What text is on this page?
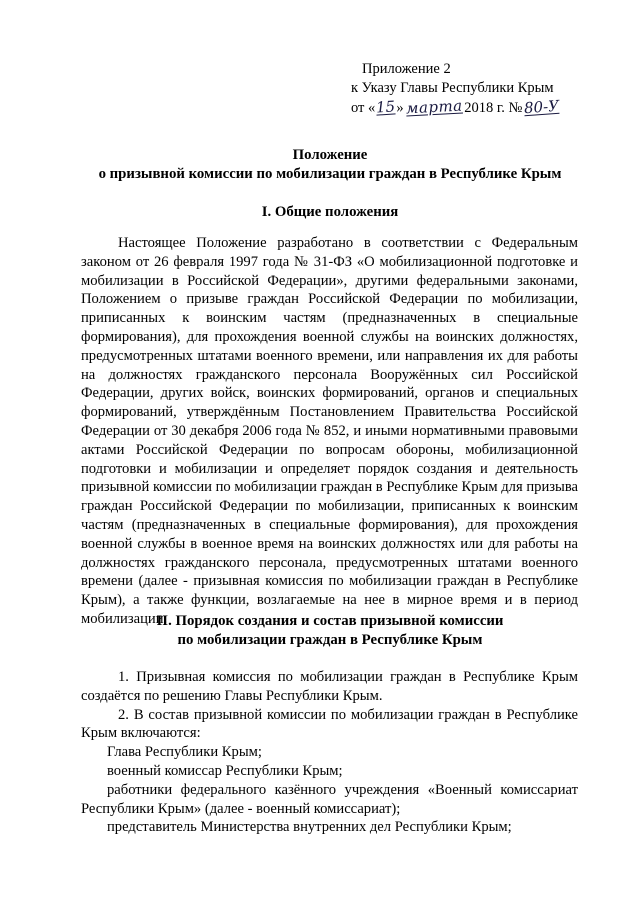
Приложение 2
к Указу Главы Республики Крым
от «15» марта 2018 г. №80-У
Положение
о призывной комиссии по мобилизации граждан в Республике Крым
I. Общие положения
Настоящее Положение разработано в соответствии с Федеральным законом от 26 февраля 1997 года № 31-ФЗ «О мобилизационной подготовке и мобилизации в Российской Федерации», другими федеральными законами, Положением о призыве граждан Российской Федерации по мобилизации, приписанных к воинским частям (предназначенных в специальные формирования), для прохождения военной службы на воинских должностях, предусмотренных штатами военного времени, или направления их для работы на должностях гражданского персонала Вооружённых сил Российской Федерации, других войск, воинских формирований, органов и специальных формирований, утверждённым Постановлением Правительства Российской Федерации от 30 декабря 2006 года № 852, и иными нормативными правовыми актами Российской Федерации по вопросам обороны, мобилизационной подготовки и мобилизации и определяет порядок создания и деятельность призывной комиссии по мобилизации граждан в Республике Крым для призыва граждан Российской Федерации по мобилизации, приписанных к воинским частям (предназначенных в специальные формирования), для прохождения военной службы в военное время на воинских должностях или для работы на должностях гражданского персонала, предусмотренных штатами военного времени (далее - призывная комиссия по мобилизации граждан в Республике Крым), а также функции, возлагаемые на нее в мирное время и в период мобилизации.
II. Порядок создания и состав призывной комиссии
по мобилизации граждан в Республике Крым

1. Призывная комиссия по мобилизации граждан в Республике Крым создаётся по решению Главы Республики Крым.

2. В состав призывной комиссии по мобилизации граждан в Республике Крым включаются:

Глава Республики Крым;

военный комиссар Республики Крым;

работники федерального казённого учреждения «Военный комиссариат Республики Крым» (далее - военный комиссариат);

представитель Министерства внутренних дел Республики Крым;
